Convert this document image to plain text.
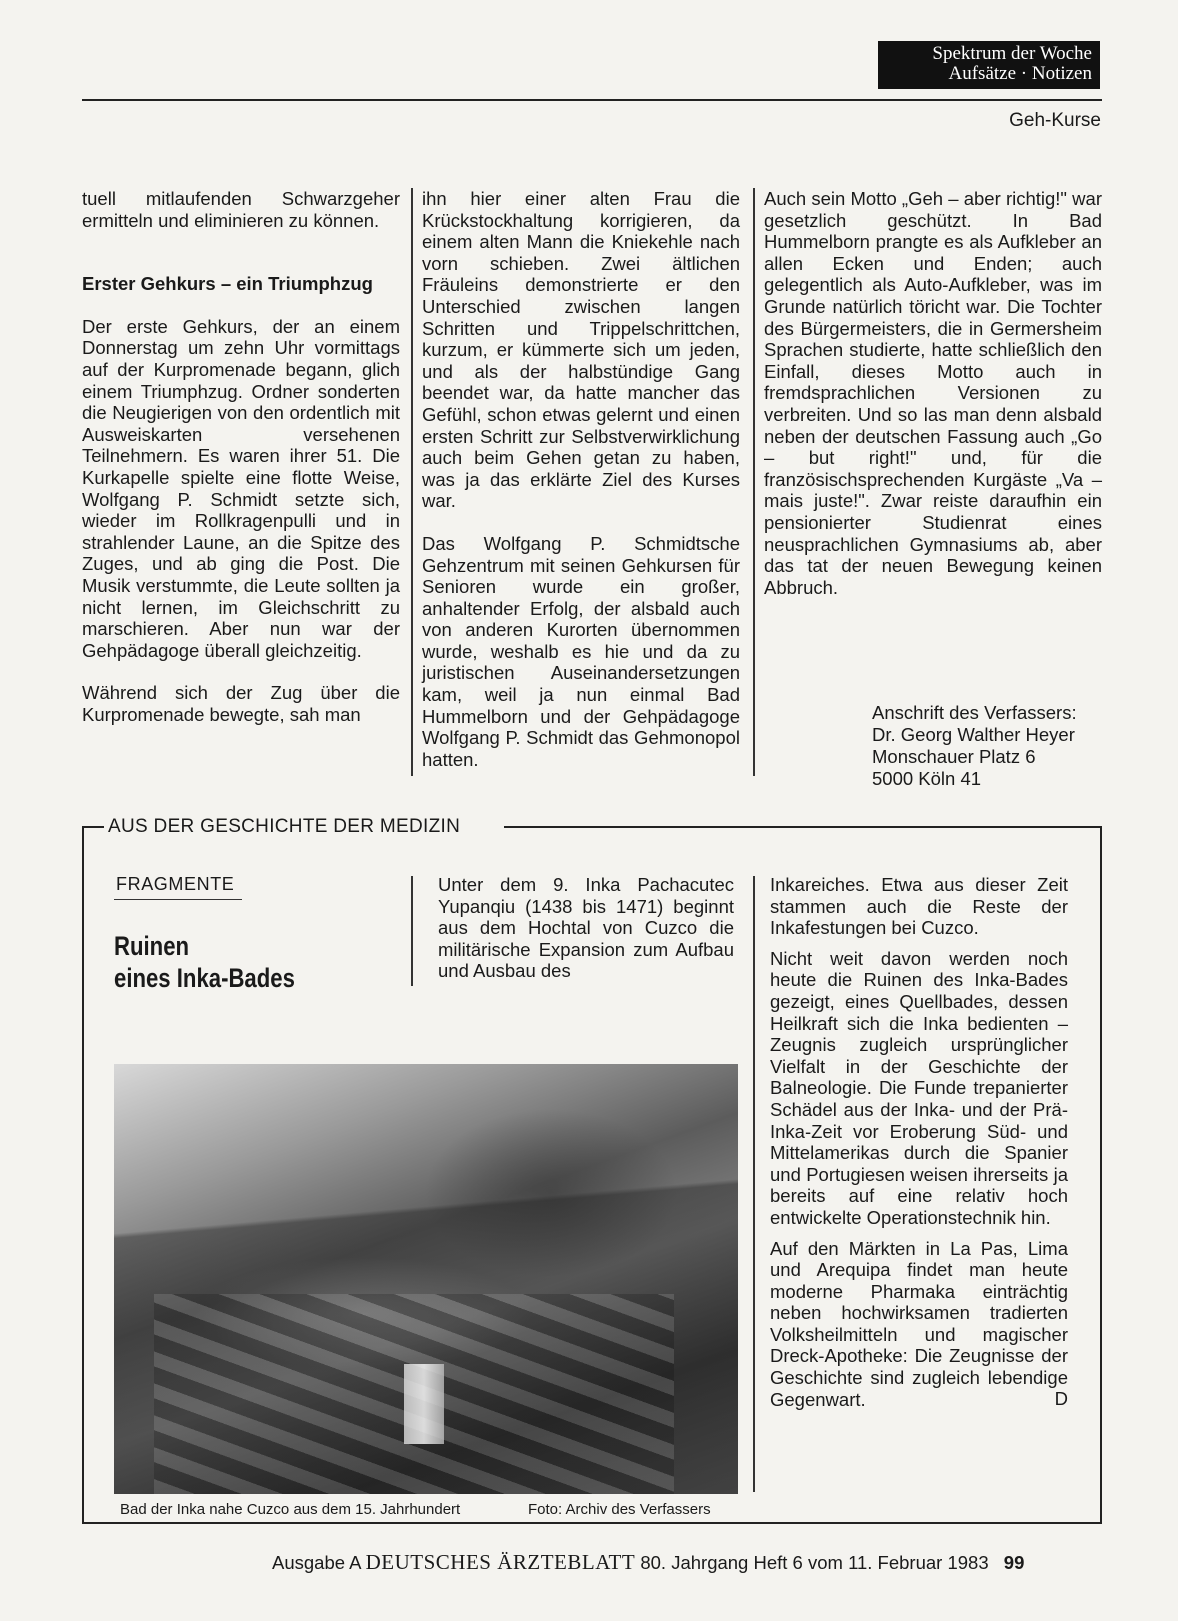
Spektrum der Woche
Aufsätze · Notizen
Geh-Kurse

tuell mitlaufenden Schwarzgeher ermitteln und eliminieren zu können.

Erster Gehkurs – ein Triumphzug

Der erste Gehkurs, der an einem Donnerstag um zehn Uhr vormittags auf der Kurpromenade begann, glich einem Triumphzug. Ordner sonderten die Neugierigen von den ordentlich mit Ausweiskarten versehenen Teilnehmern. Es waren ihrer 51. Die Kurkapelle spielte eine flotte Weise, Wolfgang P. Schmidt setzte sich, wieder im Rollkragenpulli und in strahlender Laune, an die Spitze des Zuges, und ab ging die Post. Die Musik verstummte, die Leute sollten ja nicht lernen, im Gleichschritt zu marschieren. Aber nun war der Gehpädagoge überall gleichzeitig.

Während sich der Zug über die Kurpromenade bewegte, sah man

ihn hier einer alten Frau die Krückstockhaltung korrigieren, da einem alten Mann die Kniekehle nach vorn schieben. Zwei ältlichen Fräuleins demonstrierte er den Unterschied zwischen langen Schritten und Trippelschrittchen, kurzum, er kümmerte sich um jeden, und als der halbstündige Gang beendet war, da hatte mancher das Gefühl, schon etwas gelernt und einen ersten Schritt zur Selbstverwirklichung auch beim Gehen getan zu haben, was ja das erklärte Ziel des Kurses war.

Das Wolfgang P. Schmidtsche Gehzentrum mit seinen Gehkursen für Senioren wurde ein großer, anhaltender Erfolg, der alsbald auch von anderen Kurorten übernommen wurde, weshalb es hie und da zu juristischen Auseinandersetzungen kam, weil ja nun einmal Bad Hummelborn und der Gehpädagoge Wolfgang P. Schmidt das Gehmonopol hatten.

Auch sein Motto „Geh – aber richtig!" war gesetzlich geschützt. In Bad Hummelborn prangte es als Aufkleber an allen Ecken und Enden; auch gelegentlich als Auto-Aufkleber, was im Grunde natürlich töricht war. Die Tochter des Bürgermeisters, die in Germersheim Sprachen studierte, hatte schließlich den Einfall, dieses Motto auch in fremdsprachlichen Versionen zu verbreiten. Und so las man denn alsbald neben der deutschen Fassung auch „Go – but right!" und, für die französischsprechenden Kurgäste „Va – mais juste!". Zwar reiste daraufhin ein pensionierter Studienrat eines neusprachlichen Gymnasiums ab, aber das tat der neuen Bewegung keinen Abbruch.

Anschrift des Verfassers:
Dr. Georg Walther Heyer
Monschauer Platz 6
5000 Köln 41
AUS DER GESCHICHTE DER MEDIZIN
FRAGMENTE
Ruinen
eines Inka-Bades

Unter dem 9. Inka Pachacutec Yupanqiu (1438 bis 1471) beginnt aus dem Hochtal von Cuzco die militärische Expansion zum Aufbau und Ausbau des

Inkareiches. Etwa aus dieser Zeit stammen auch die Reste der Inkafestungen bei Cuzco.

Nicht weit davon werden noch heute die Ruinen des Inka-Bades gezeigt, eines Quellbades, dessen Heilkraft sich die Inka bedienten – Zeugnis zugleich ursprünglicher Vielfalt in der Geschichte der Balneologie. Die Funde trepanierter Schädel aus der Inka- und der Prä-Inka-Zeit vor Eroberung Süd- und Mittelamerikas durch die Spanier und Portugiesen weisen ihrerseits ja bereits auf eine relativ hoch entwickelte Operationstechnik hin.

Auf den Märkten in La Pas, Lima und Arequipa findet man heute moderne Pharmaka einträchtig neben hochwirksamen tradierten Volksheilmitteln und magischer Dreck-Apotheke: Die Zeugnisse der Geschichte sind zugleich lebendige Gegenwart.	D
Bad der Inka nahe Cuzco aus dem 15. Jahrhundert	Foto: Archiv des Verfassers
Ausgabe A DEUTSCHES ÄRZTEBLATT 80. Jahrgang Heft 6 vom 11. Februar 1983 99
